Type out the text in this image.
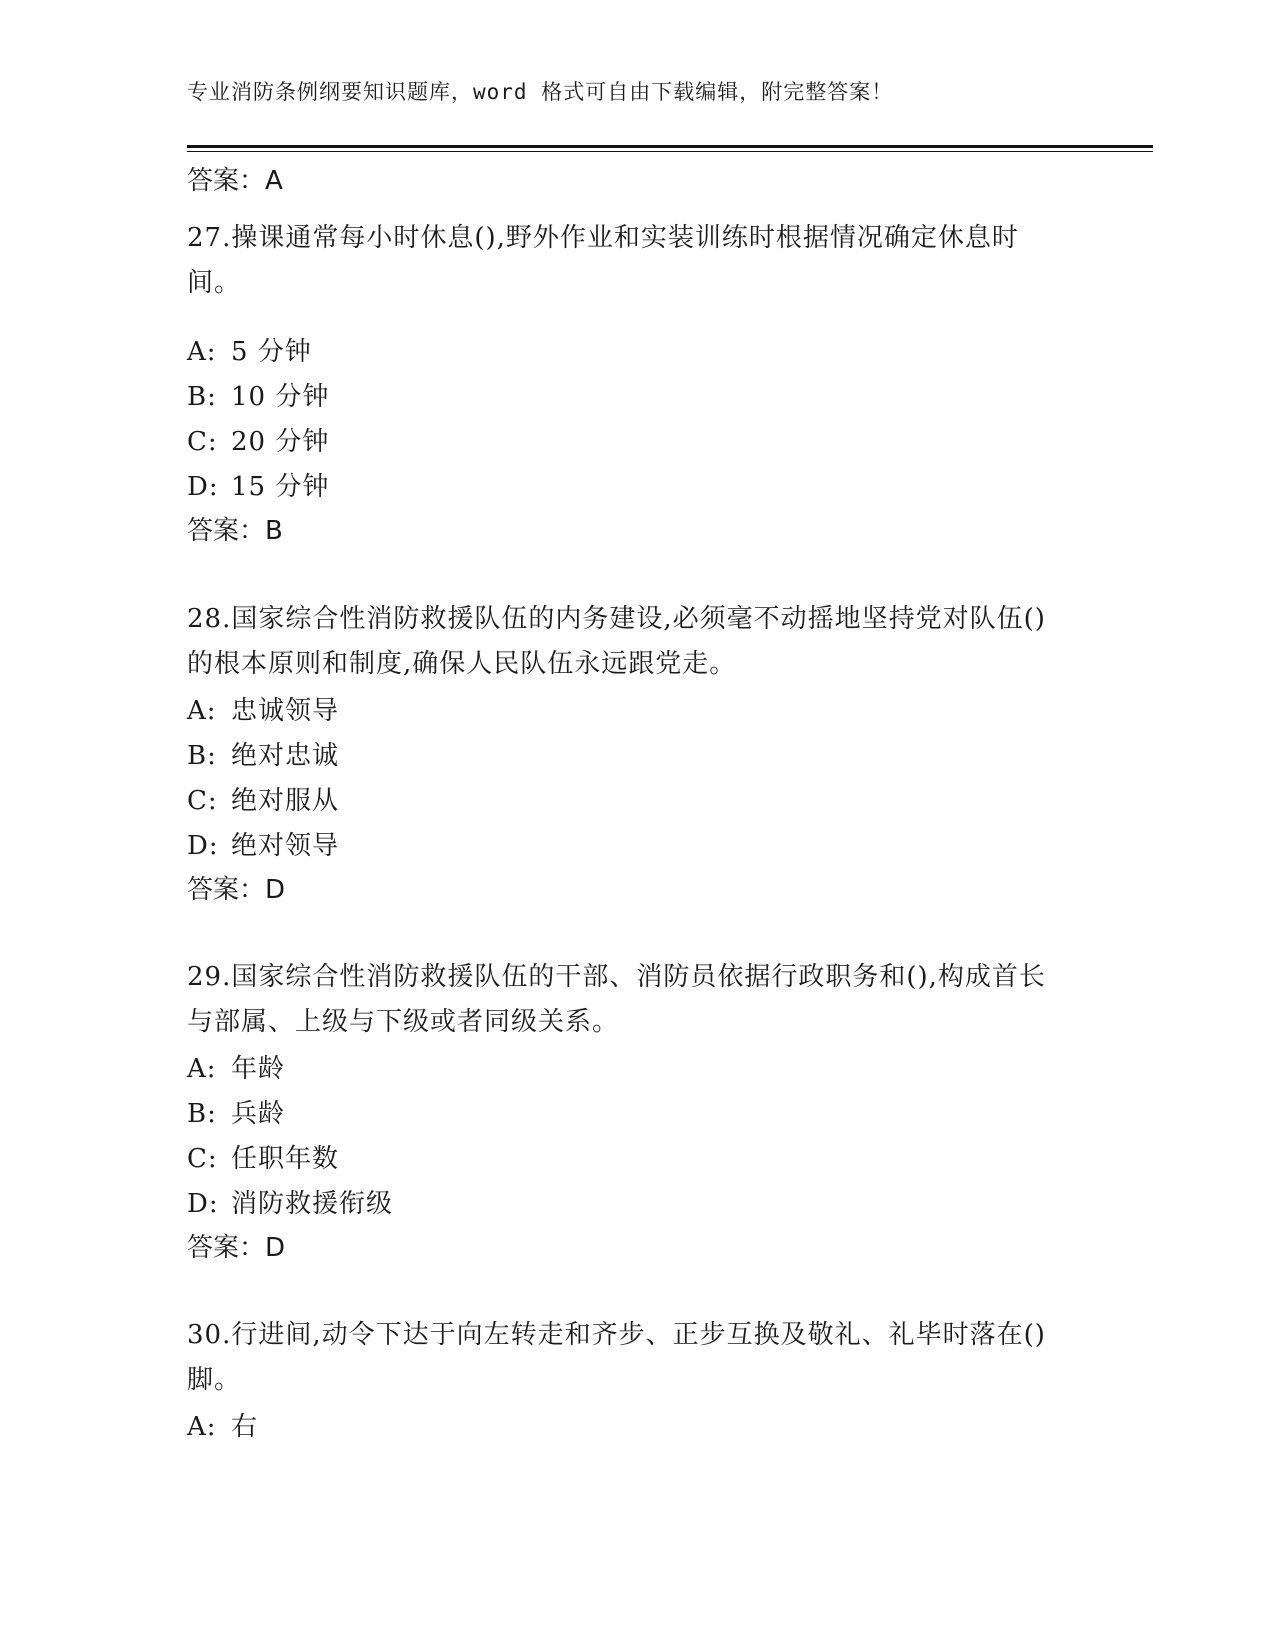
专业消防条例纲要知识题库，word 格式可自由下载编辑，附完整答案！
答案：A
27.操课通常每小时休息(),野外作业和实装训练时根据情况确定休息时间。
A: 5 分钟
B: 10 分钟
C: 20 分钟
D: 15 分钟
答案：B
28.国家综合性消防救援队伍的内务建设,必须毫不动摇地坚持党对队伍()的根本原则和制度,确保人民队伍永远跟党走。
A: 忠诚领导
B: 绝对忠诚
C: 绝对服从
D: 绝对领导
答案：D
29.国家综合性消防救援队伍的干部、消防员依据行政职务和(),构成首长与部属、上级与下级或者同级关系。
A: 年龄
B: 兵龄
C: 任职年数
D: 消防救援衔级
答案：D
30.行进间,动令下达于向左转走和齐步、正步互换及敬礼、礼毕时落在()脚。
A: 右
